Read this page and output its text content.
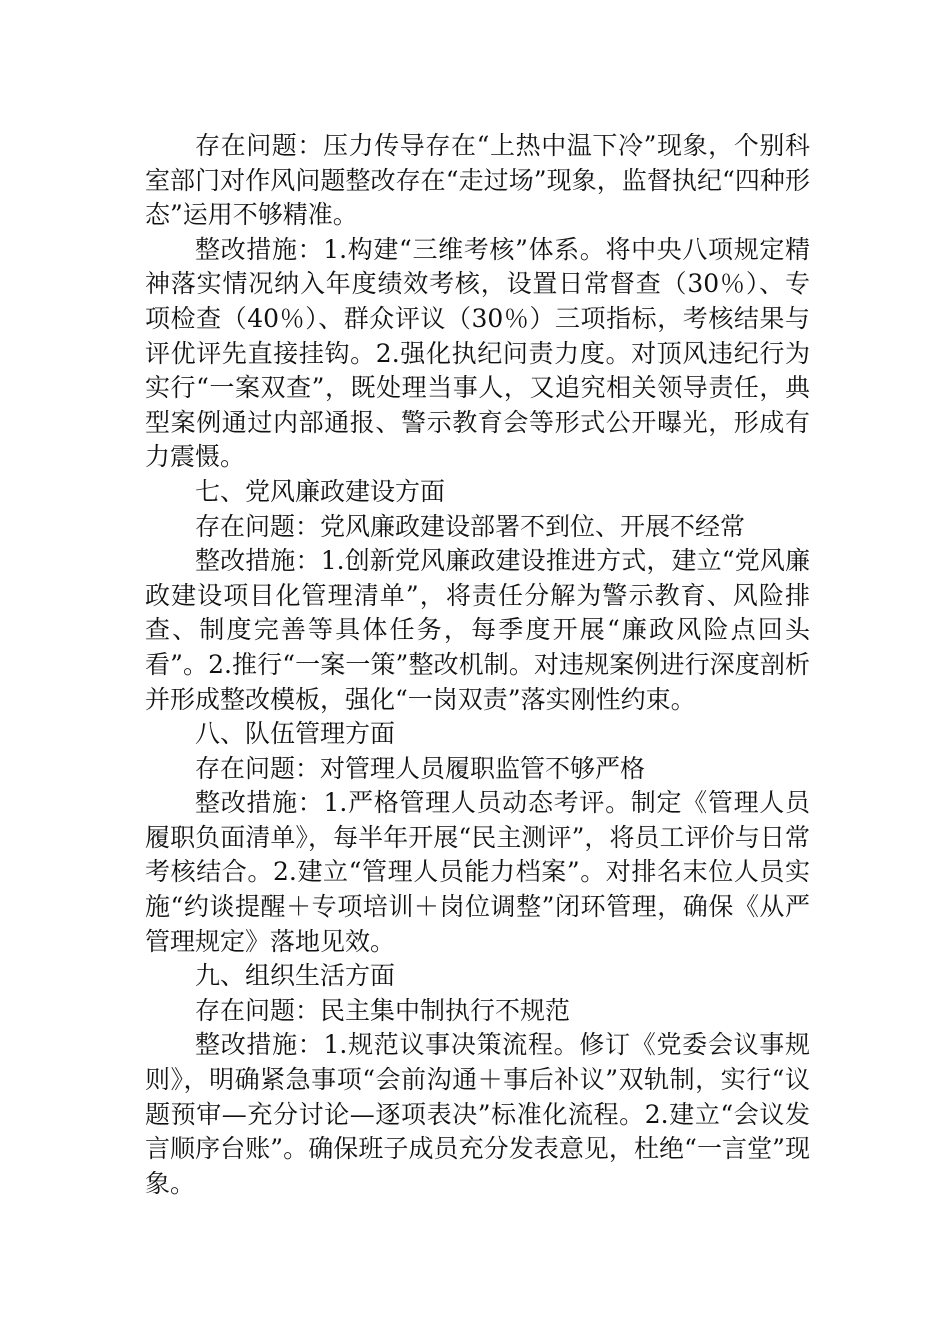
存在问题：压力传导存在“上热中温下冷”现象，个别科室部门对作风问题整改存在“走过场”现象，监督执纪“四种形态”运用不够精准。

整改措施：1.构建“三维考核”体系。将中央八项规定精神落实情况纳入年度绩效考核，设置日常督查（30％）、专项检查（40％）、群众评议（30％）三项指标，考核结果与评优评先直接挂钩。2.强化执纪问责力度。对顶风违纪行为实行“一案双查”，既处理当事人，又追究相关领导责任，典型案例通过内部通报、警示教育会等形式公开曝光，形成有力震慑。

七、党风廉政建设方面

存在问题：党风廉政建设部署不到位、开展不经常

整改措施：1.创新党风廉政建设推进方式，建立“党风廉政建设项目化管理清单”，将责任分解为警示教育、风险排查、制度完善等具体任务，每季度开展“廉政风险点回头看”。2.推行“一案一策”整改机制。对违规案例进行深度剖析并形成整改模板，强化“一岗双责”落实刚性约束。

八、队伍管理方面

存在问题：对管理人员履职监管不够严格

整改措施：1.严格管理人员动态考评。制定《管理人员履职负面清单》，每半年开展“民主测评”，将员工评价与日常考核结合。2.建立“管理人员能力档案”。对排名末位人员实施“约谈提醒＋专项培训＋岗位调整”闭环管理，确保《从严管理规定》落地见效。

九、组织生活方面

存在问题：民主集中制执行不规范

整改措施：1.规范议事决策流程。修订《党委会议事规则》，明确紧急事项“会前沟通＋事后补议”双轨制，实行“议题预审—充分讨论—逐项表决”标准化流程。2.建立“会议发言顺序台账”。确保班子成员充分发表意见，杜绝“一言堂”现象。
